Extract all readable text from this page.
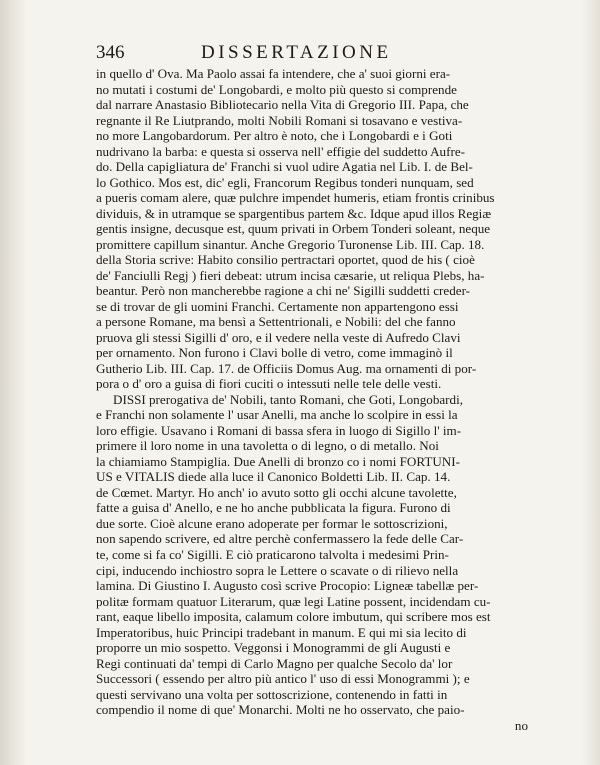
346	DISSERTAZIONE
in quello d' Ova. Ma Paolo assai fa intendere, che a' suoi giorni era-
no mutati i costumi de' Longobardi, e molto più questo si comprende
dal narrare Anastasio Bibliotecario nella Vita di Gregorio III. Papa, che
regnante il Re Liutprando, molti Nobili Romani si tosavano e vestiva-
no more Langobardorum. Per altro è noto, che i Longobardi e i Goti
nudrivano la barba: e questa si osserva nell' effigie del suddetto Aufre-
do. Della capigliatura de' Franchi si vuol udire Agatia nel Lib. I. de Bel-
lo Gothico. Mos est, dic' egli, Francorum Regibus tonderi nunquam, sed
a pueris comam alere, quæ pulchre impendet humeris, etiam frontis crinibus
dividuis, & in utramque se spargentibus partem &c. Idque apud illos Regiæ
gentis insigne, decusque est, quum privati in Orbem Tonderi soleant, neque
promittere capillum sinantur. Anche Gregorio Turonense Lib. III. Cap. 18.
della Storia scrive: Habito consilio pertractari oportet, quod de his ( cioè
de' Fanciulli Regj ) fieri debeat: utrum incisa cæsarie, ut reliqua Plebs, ha-
beantur. Però non mancherebbe ragione a chi ne' Sigilli suddetti creder-
se di trovar de gli uomini Franchi. Certamente non appartengono essi
a persone Romane, ma bensì a Settentrionali, e Nobili: del che fanno
pruova gli stessi Sigilli d' oro, e il vedere nella veste di Aufredo Clavi
per ornamento. Non furono i Clavi bolle di vetro, come immaginò il
Gutherio Lib. III. Cap. 17. de Officiis Domus Aug. ma ornamenti di por-
pora o d' oro a guisa di fiori cuciti o intessuti nelle tele delle vesti.
DISSI prerogativa de' Nobili, tanto Romani, che Goti, Longobardi,
e Franchi non solamente l' usar Anelli, ma anche lo scolpire in essi la
loro effigie. Usavano i Romani di bassa sfera in luogo di Sigillo l' im-
primere il loro nome in una tavoletta o di legno, o di metallo. Noi
la chiamiamo Stampiglia. Due Anelli di bronzo co i nomi FORTUNI-
US e VITALIS diede alla luce il Canonico Boldetti Lib. II. Cap. 14.
de Cœmet. Martyr. Ho anch' io avuto sotto gli occhi alcune tavolette,
fatte a guisa d' Anello, e ne ho anche pubblicata la figura. Furono di
due sorte. Cioè alcune erano adoperate per formar le sottoscrizioni,
non sapendo scrivere, ed altre perchè confermassero la fede delle Car-
te, come si fa co' Sigilli. E ciò praticarono talvolta i medesimi Prin-
cipi, inducendo inchiostro sopra le Lettere o scavate o di rilievo nella
lamina. Di Giustino I. Augusto così scrive Procopio: Ligneæ tabellæ per-
politæ formam quatuor Literarum, quæ legi Latine possent, incidendam cu-
rant, eaque libello imposita, calamum colore imbutum, qui scribere mos est
Imperatoribus, huic Principi tradebant in manum. E qui mi sia lecito di
proporre un mio sospetto. Veggonsi i Monogrammi de gli Augusti e
Regi continuati da' tempi di Carlo Magno per qualche Secolo da' lor
Successori ( essendo per altro più antico l' uso di essi Monogrammi ); e
questi servivano una volta per sottoscrizione, contenendo in fatti in
compendio il nome di que' Monarchi. Molti ne ho osservato, che paio-
no
